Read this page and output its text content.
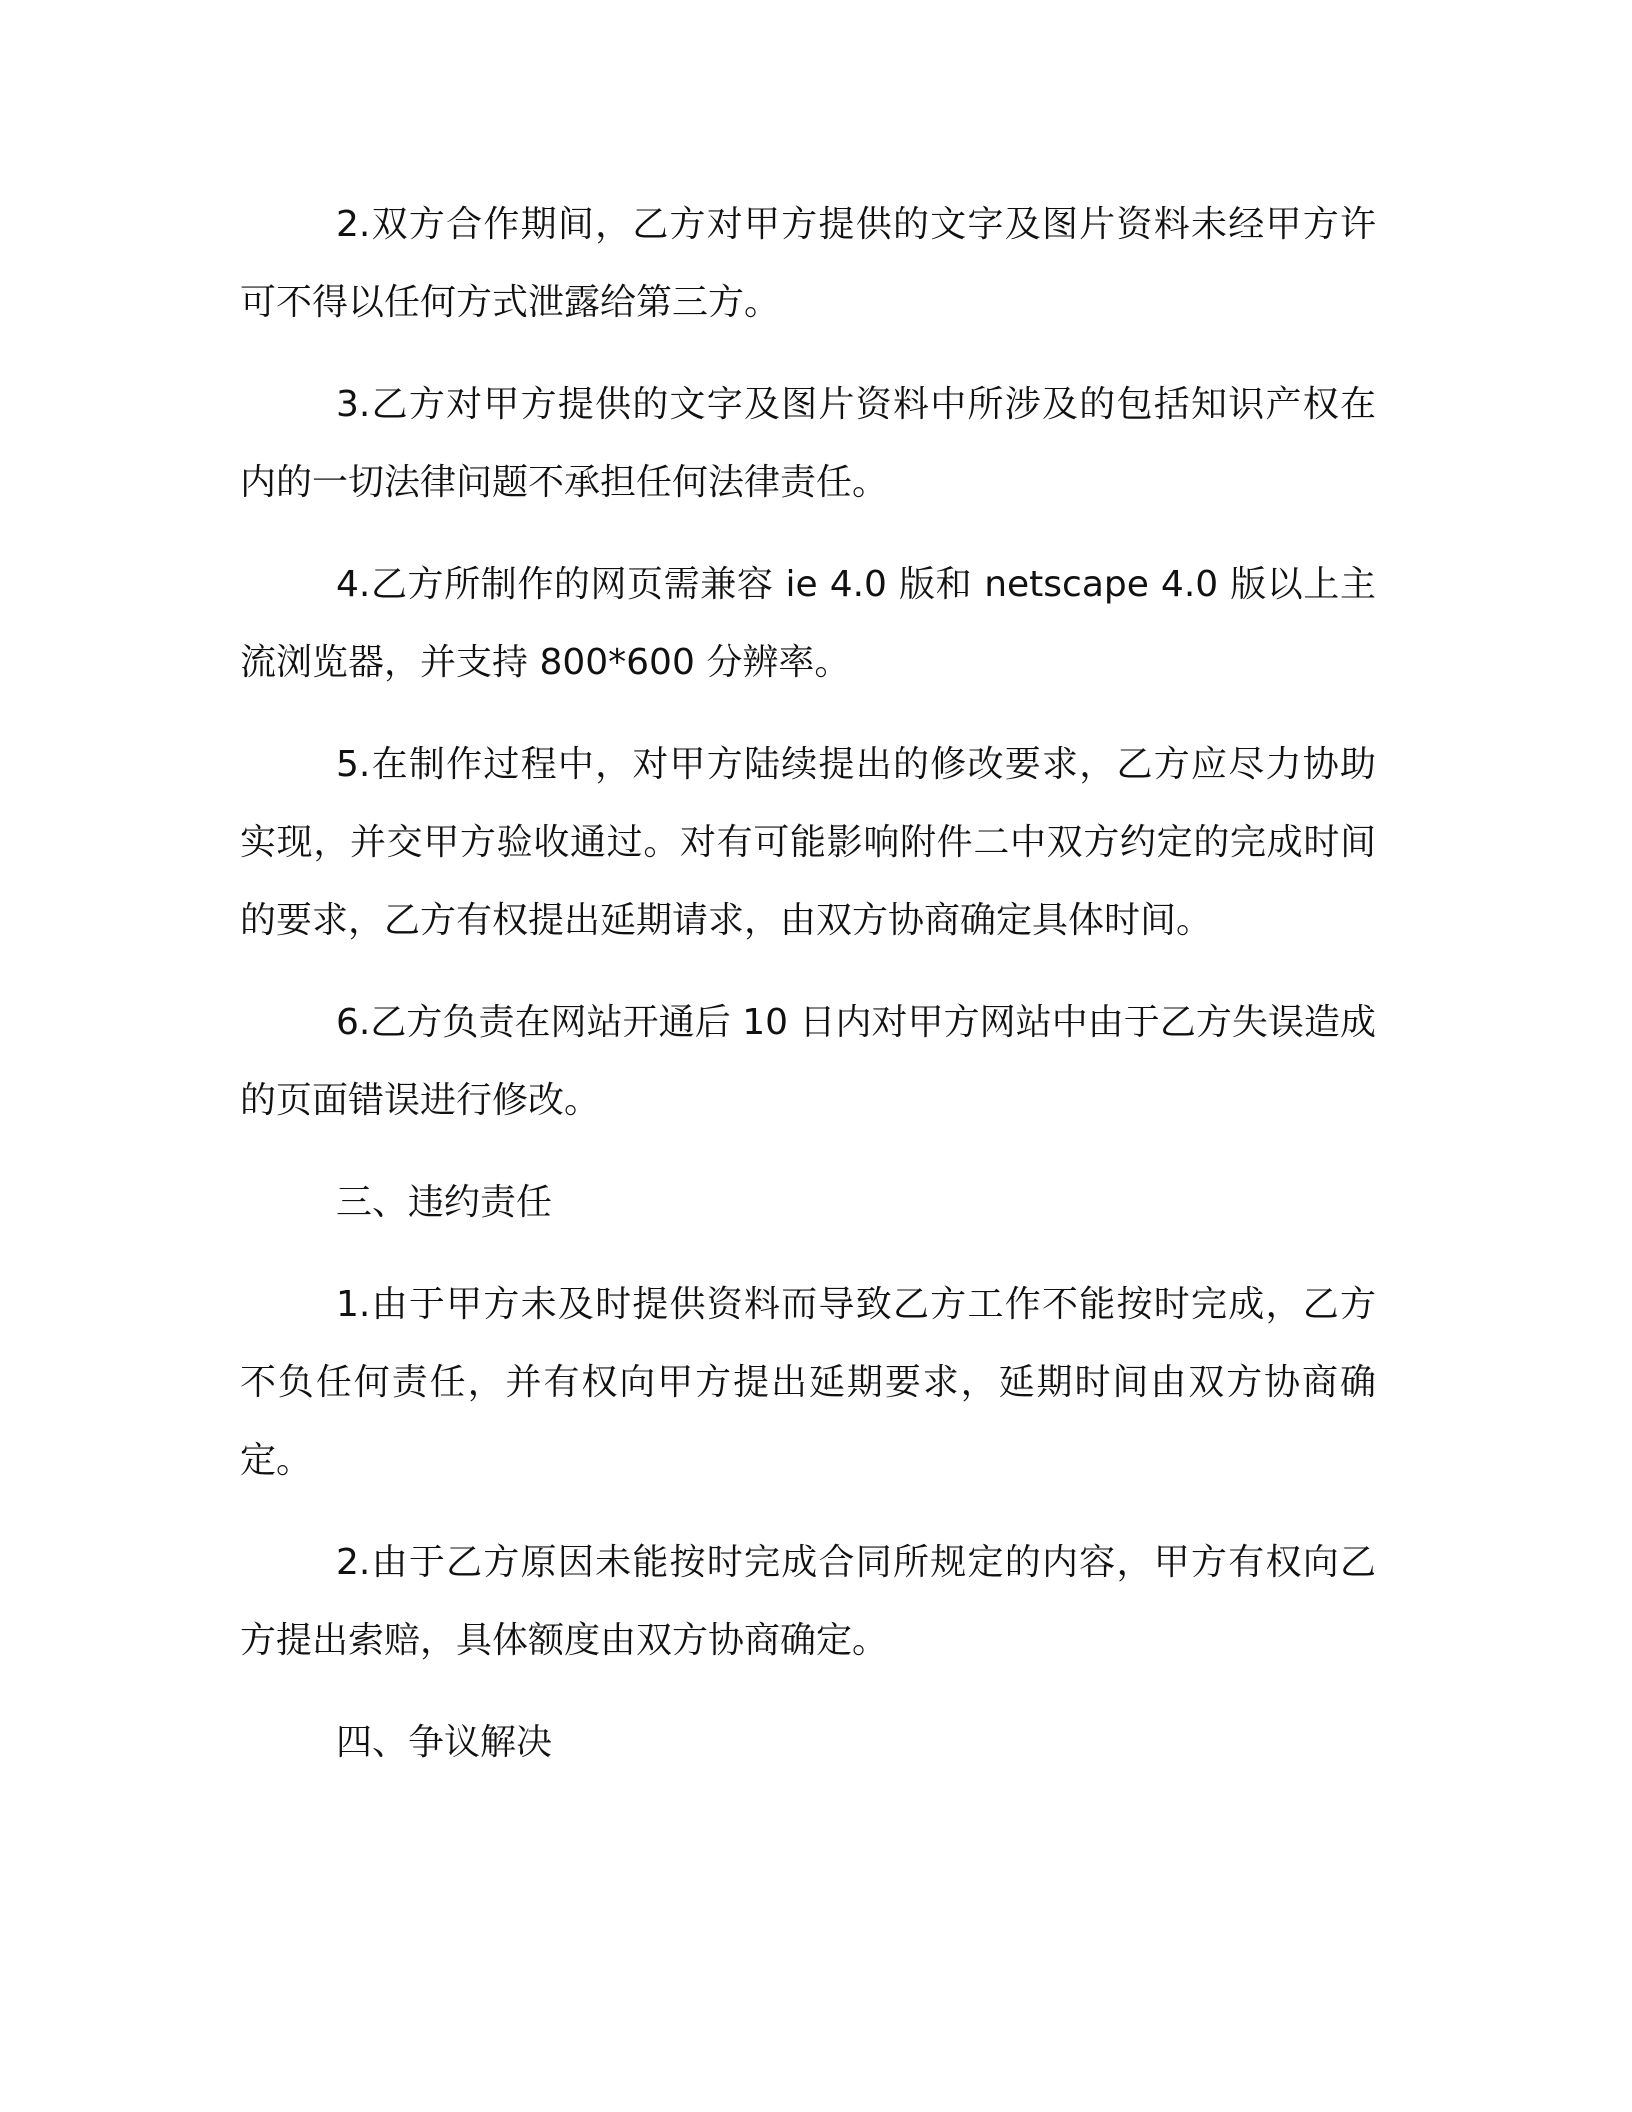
2.双方合作期间，乙方对甲方提供的文字及图片资料未经甲方许可不得以任何方式泄露给第三方。

3.乙方对甲方提供的文字及图片资料中所涉及的包括知识产权在内的一切法律问题不承担任何法律责任。

4.乙方所制作的网页需兼容 ie 4.0 版和 netscape 4.0 版以上主流浏览器，并支持 800*600 分辨率。

5.在制作过程中，对甲方陆续提出的修改要求，乙方应尽力协助实现，并交甲方验收通过。对有可能影响附件二中双方约定的完成时间的要求，乙方有权提出延期请求，由双方协商确定具体时间。

6.乙方负责在网站开通后 10 日内对甲方网站中由于乙方失误造成的页面错误进行修改。

三、违约责任

1.由于甲方未及时提供资料而导致乙方工作不能按时完成，乙方不负任何责任，并有权向甲方提出延期要求，延期时间由双方协商确定。

2.由于乙方原因未能按时完成合同所规定的内容，甲方有权向乙方提出索赔，具体额度由双方协商确定。

四、争议解决
